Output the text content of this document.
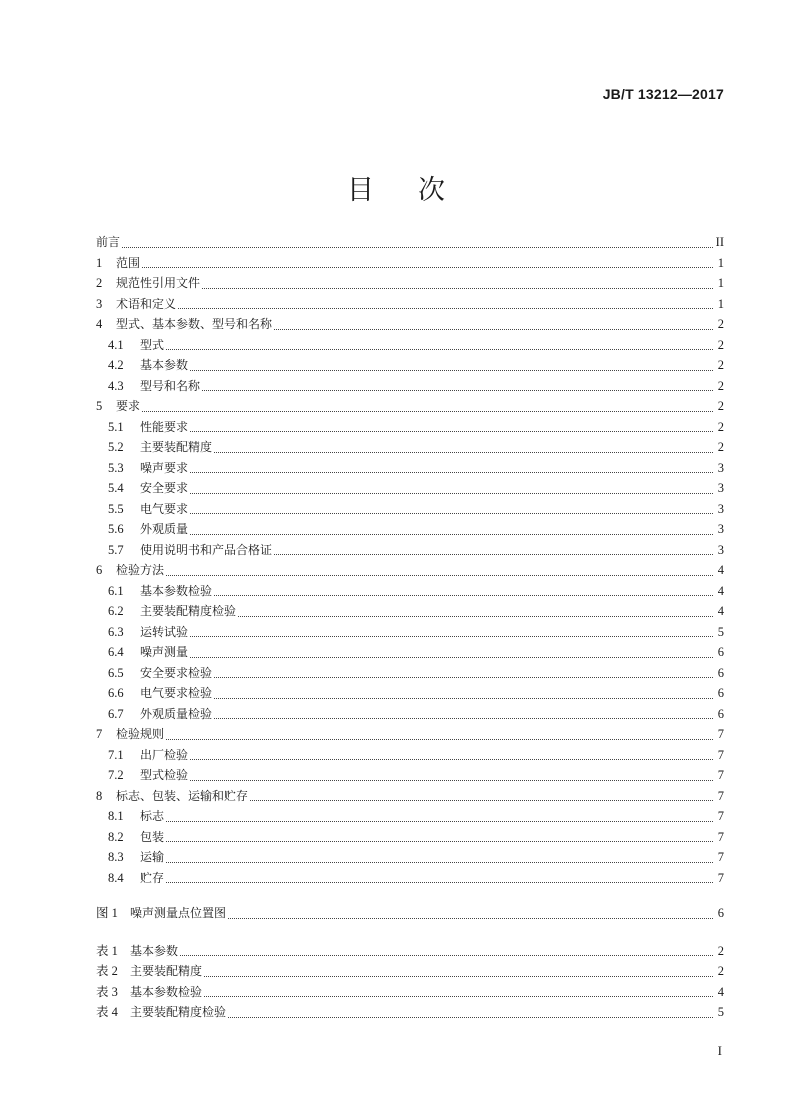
JB/T 13212—2017
目 次
前言	II
1	范围	1
2	规范性引用文件	1
3	术语和定义	1
4	型式、基本参数、型号和名称	2
4.1	型式	2
4.2	基本参数	2
4.3	型号和名称	2
5	要求	2
5.1	性能要求	2
5.2	主要装配精度	2
5.3	噪声要求	3
5.4	安全要求	3
5.5	电气要求	3
5.6	外观质量	3
5.7	使用说明书和产品合格证	3
6	检验方法	4
6.1	基本参数检验	4
6.2	主要装配精度检验	4
6.3	运转试验	5
6.4	噪声测量	6
6.5	安全要求检验	6
6.6	电气要求检验	6
6.7	外观质量检验	6
7	检验规则	7
7.1	出厂检验	7
7.2	型式检验	7
8	标志、包装、运输和贮存	7
8.1	标志	7
8.2	包装	7
8.3	运输	7
8.4	贮存	7
图 1	噪声测量点位置图	6
表 1	基本参数	2
表 2	主要装配精度	2
表 3	基本参数检验	4
表 4	主要装配精度检验	5
I
